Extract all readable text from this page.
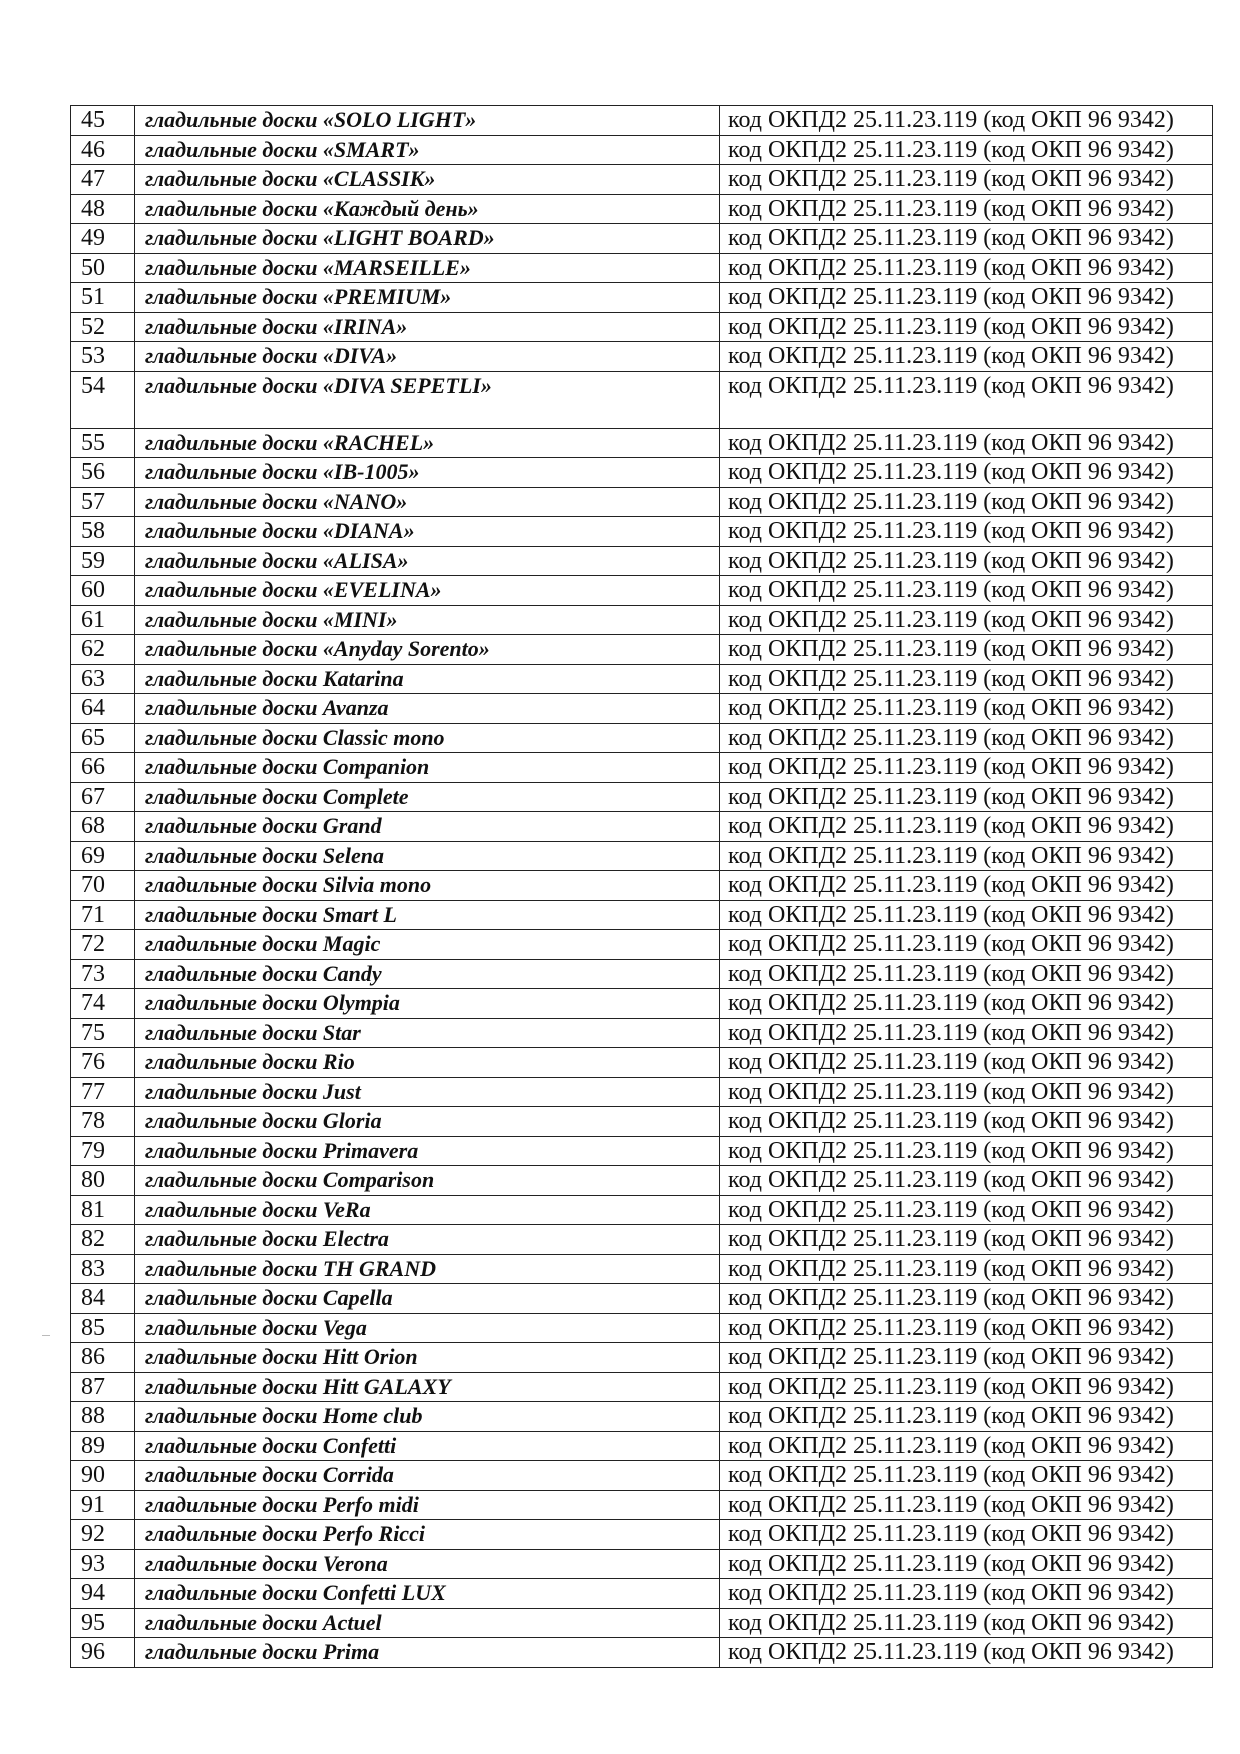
45	гладильные доски «SOLO LIGHT»	код ОКПД2 25.11.23.119 (код ОКП 96 9342)
46	гладильные доски «SMART»	код ОКПД2 25.11.23.119 (код ОКП 96 9342)
47	гладильные доски «CLASSIK»	код ОКПД2 25.11.23.119 (код ОКП 96 9342)
48	гладильные доски «Каждый день»	код ОКПД2 25.11.23.119 (код ОКП 96 9342)
49	гладильные доски «LIGHT BOARD»	код ОКПД2 25.11.23.119 (код ОКП 96 9342)
50	гладильные доски «MARSEILLE»	код ОКПД2 25.11.23.119 (код ОКП 96 9342)
51	гладильные доски «PREMIUM»	код ОКПД2 25.11.23.119 (код ОКП 96 9342)
52	гладильные доски «IRINA»	код ОКПД2 25.11.23.119 (код ОКП 96 9342)
53	гладильные доски «DIVA»	код ОКПД2 25.11.23.119 (код ОКП 96 9342)
54	гладильные доски «DIVA SEPETLI»	код ОКПД2 25.11.23.119 (код ОКП 96 9342)
55	гладильные доски «RACHEL»	код ОКПД2 25.11.23.119 (код ОКП 96 9342)
56	гладильные доски «IB-1005»	код ОКПД2 25.11.23.119 (код ОКП 96 9342)
57	гладильные доски «NANO»	код ОКПД2 25.11.23.119 (код ОКП 96 9342)
58	гладильные доски «DIANA»	код ОКПД2 25.11.23.119 (код ОКП 96 9342)
59	гладильные доски «ALISA»	код ОКПД2 25.11.23.119 (код ОКП 96 9342)
60	гладильные доски «EVELINA»	код ОКПД2 25.11.23.119 (код ОКП 96 9342)
61	гладильные доски «MINI»	код ОКПД2 25.11.23.119 (код ОКП 96 9342)
62	гладильные доски «Anyday Sorento»	код ОКПД2 25.11.23.119 (код ОКП 96 9342)
63	гладильные доски Katarina	код ОКПД2 25.11.23.119 (код ОКП 96 9342)
64	гладильные доски Avanza	код ОКПД2 25.11.23.119 (код ОКП 96 9342)
65	гладильные доски Classic mono	код ОКПД2 25.11.23.119 (код ОКП 96 9342)
66	гладильные доски Companion	код ОКПД2 25.11.23.119 (код ОКП 96 9342)
67	гладильные доски Complete	код ОКПД2 25.11.23.119 (код ОКП 96 9342)
68	гладильные доски Grand	код ОКПД2 25.11.23.119 (код ОКП 96 9342)
69	гладильные доски Selena	код ОКПД2 25.11.23.119 (код ОКП 96 9342)
70	гладильные доски Silvia mono	код ОКПД2 25.11.23.119 (код ОКП 96 9342)
71	гладильные доски Smart L	код ОКПД2 25.11.23.119 (код ОКП 96 9342)
72	гладильные доски Magic	код ОКПД2 25.11.23.119 (код ОКП 96 9342)
73	гладильные доски Candy	код ОКПД2 25.11.23.119 (код ОКП 96 9342)
74	гладильные доски Olympia	код ОКПД2 25.11.23.119 (код ОКП 96 9342)
75	гладильные доски Star	код ОКПД2 25.11.23.119 (код ОКП 96 9342)
76	гладильные доски Rio	код ОКПД2 25.11.23.119 (код ОКП 96 9342)
77	гладильные доски Just	код ОКПД2 25.11.23.119 (код ОКП 96 9342)
78	гладильные доски Gloria	код ОКПД2 25.11.23.119 (код ОКП 96 9342)
79	гладильные доски Primavera	код ОКПД2 25.11.23.119 (код ОКП 96 9342)
80	гладильные доски Comparison	код ОКПД2 25.11.23.119 (код ОКП 96 9342)
81	гладильные доски VeRa	код ОКПД2 25.11.23.119 (код ОКП 96 9342)
82	гладильные доски Electra	код ОКПД2 25.11.23.119 (код ОКП 96 9342)
83	гладильные доски TH GRAND	код ОКПД2 25.11.23.119 (код ОКП 96 9342)
84	гладильные доски Capella	код ОКПД2 25.11.23.119 (код ОКП 96 9342)
85	гладильные доски Vega	код ОКПД2 25.11.23.119 (код ОКП 96 9342)
86	гладильные доски Hitt Orion	код ОКПД2 25.11.23.119 (код ОКП 96 9342)
87	гладильные доски Hitt GALAXY	код ОКПД2 25.11.23.119 (код ОКП 96 9342)
88	гладильные доски Home club	код ОКПД2 25.11.23.119 (код ОКП 96 9342)
89	гладильные доски Confetti	код ОКПД2 25.11.23.119 (код ОКП 96 9342)
90	гладильные доски Corrida	код ОКПД2 25.11.23.119 (код ОКП 96 9342)
91	гладильные доски Perfo midi	код ОКПД2 25.11.23.119 (код ОКП 96 9342)
92	гладильные доски Perfo Ricci	код ОКПД2 25.11.23.119 (код ОКП 96 9342)
93	гладильные доски Verona	код ОКПД2 25.11.23.119 (код ОКП 96 9342)
94	гладильные доски Confetti LUX	код ОКПД2 25.11.23.119 (код ОКП 96 9342)
95	гладильные доски Actuel	код ОКПД2 25.11.23.119 (код ОКП 96 9342)
96	гладильные доски Prima	код ОКПД2 25.11.23.119 (код ОКП 96 9342)
